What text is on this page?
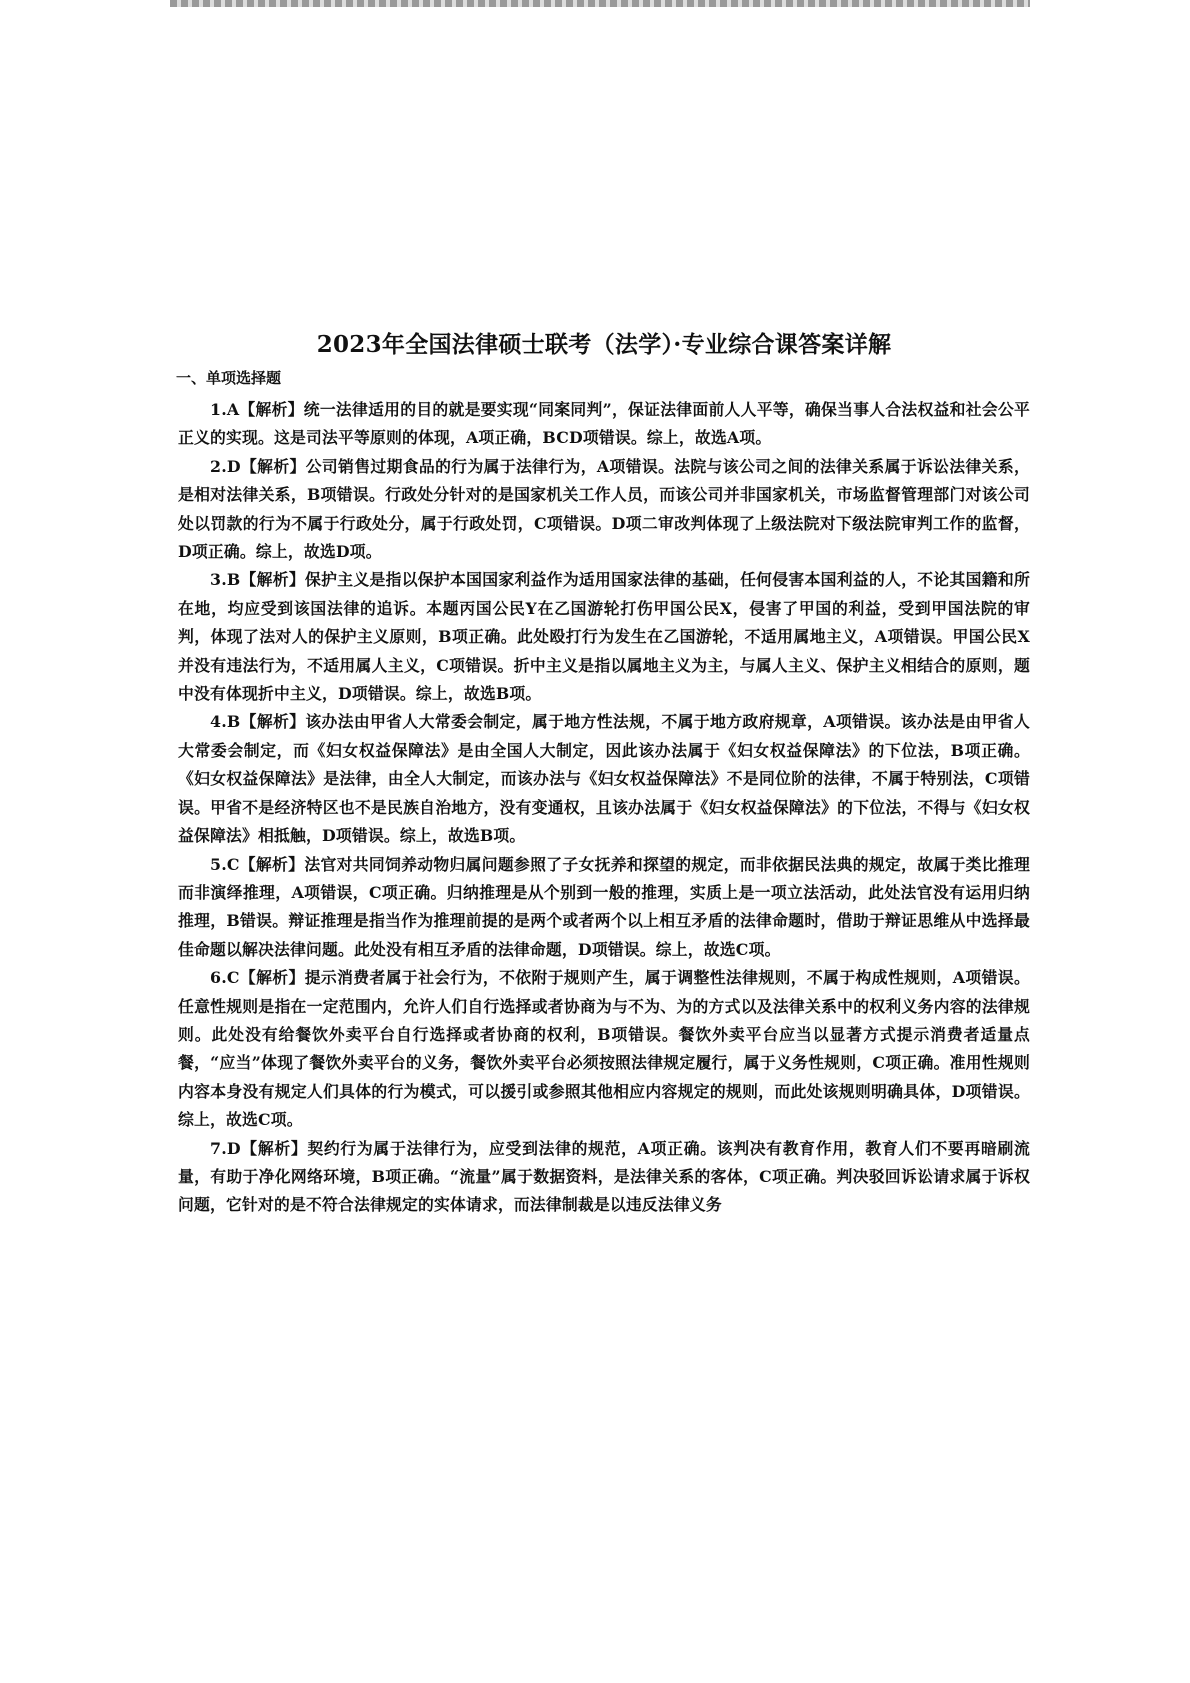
2023年全国法律硕士联考（法学）·专业综合课答案详解
一、单项选择题

1.A【解析】统一法律适用的目的就是要实现“同案同判”，保证法律面前人人平等，确保当事人合法权益和社会公平正义的实现。这是司法平等原则的体现，A项正确，BCD项错误。综上，故选A项。

2.D【解析】公司销售过期食品的行为属于法律行为，A项错误。法院与该公司之间的法律关系属于诉讼法律关系，是相对法律关系，B项错误。行政处分针对的是国家机关工作人员，而该公司并非国家机关，市场监督管理部门对该公司处以罚款的行为不属于行政处分，属于行政处罚，C项错误。D项二审改判体现了上级法院对下级法院审判工作的监督，D项正确。综上，故选D项。

3.B【解析】保护主义是指以保护本国国家利益作为适用国家法律的基础，任何侵害本国利益的人，不论其国籍和所在地，均应受到该国法律的追诉。本题丙国公民Y在乙国游轮打伤甲国公民X，侵害了甲国的利益，受到甲国法院的审判，体现了法对人的保护主义原则，B项正确。此处殴打行为发生在乙国游轮，不适用属地主义，A项错误。甲国公民X并没有违法行为，不适用属人主义，C项错误。折中主义是指以属地主义为主，与属人主义、保护主义相结合的原则，题中没有体现折中主义，D项错误。综上，故选B项。

4.B【解析】该办法由甲省人大常委会制定，属于地方性法规，不属于地方政府规章，A项错误。该办法是由甲省人大常委会制定，而《妇女权益保障法》是由全国人大制定，因此该办法属于《妇女权益保障法》的下位法，B项正确。《妇女权益保障法》是法律，由全人大制定，而该办法与《妇女权益保障法》不是同位阶的法律，不属于特别法，C项错误。甲省不是经济特区也不是民族自治地方，没有变通权，且该办法属于《妇女权益保障法》的下位法，不得与《妇女权益保障法》相抵触，D项错误。综上，故选B项。

5.C【解析】法官对共同饲养动物归属问题参照了子女抚养和探望的规定，而非依据民法典的规定，故属于类比推理而非演绎推理，A项错误，C项正确。归纳推理是从个别到一般的推理，实质上是一项立法活动，此处法官没有运用归纳推理，B错误。辩证推理是指当作为推理前提的是两个或者两个以上相互矛盾的法律命题时，借助于辩证思维从中选择最佳命题以解决法律问题。此处没有相互矛盾的法律命题，D项错误。综上，故选C项。

6.C【解析】提示消费者属于社会行为，不依附于规则产生，属于调整性法律规则，不属于构成性规则，A项错误。任意性规则是指在一定范围内，允许人们自行选择或者协商为与不为、为的方式以及法律关系中的权利义务内容的法律规则。此处没有给餐饮外卖平台自行选择或者协商的权利，B项错误。餐饮外卖平台应当以显著方式提示消费者适量点餐，“应当”体现了餐饮外卖平台的义务，餐饮外卖平台必须按照法律规定履行，属于义务性规则，C项正确。准用性规则内容本身没有规定人们具体的行为模式，可以援引或参照其他相应内容规定的规则，而此处该规则明确具体，D项错误。综上，故选C项。

7.D【解析】契约行为属于法律行为，应受到法律的规范，A项正确。该判决有教育作用，教育人们不要再暗刷流量，有助于净化网络环境，B项正确。“流量”属于数据资料，是法律关系的客体，C项正确。判决驳回诉讼请求属于诉权问题，它针对的是不符合法律规定的实体请求，而法律制裁是以违反法律义务
